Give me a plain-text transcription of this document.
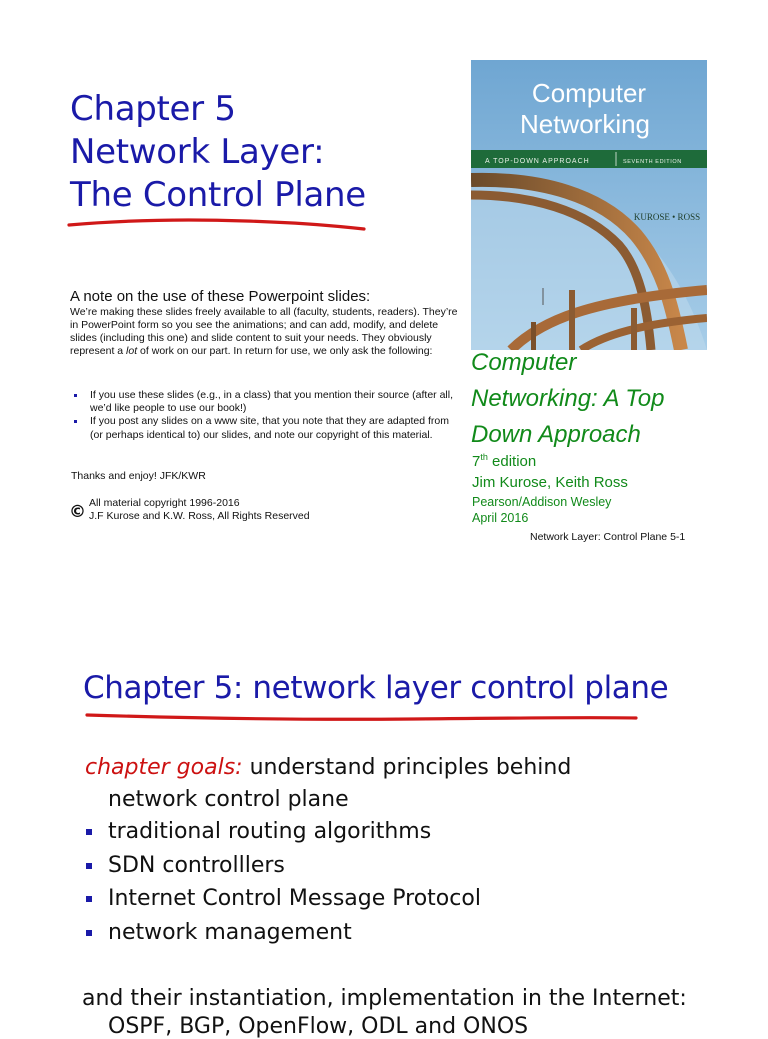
Chapter 5
Network Layer:
The Control Plane
A note on the use of these Powerpoint slides:
We’re making these slides freely available to all (faculty, students, readers). They’re in PowerPoint form so you see the animations; and can add, modify, and delete slides (including this one) and slide content to suit your needs. They obviously represent a lot of work on our part. In return for use, we only ask the following:
If you use these slides (e.g., in a class) that you mention their source (after all, we’d like people to use our book!)
If you post any slides on a www site, that you note that they are adapted from (or perhaps identical to) our slides, and note our copyright of this material.
Thanks and enjoy! JFK/KWR
© All material copyright 1996-2016
J.F Kurose and K.W. Ross, All Rights Reserved
Computer
Networking
A TOP-DOWN APPROACH	SEVENTH EDITION
KUROSE • ROSS
Computer
Networking: A Top
Down Approach
7th edition
Jim Kurose, Keith Ross
Pearson/Addison Wesley
April 2016
Network Layer: Control Plane 5-1
Chapter 5: network layer control plane
chapter goals: understand principles behind
network control plane
traditional routing algorithms
SDN controlllers
Internet Control Message Protocol
network management
and their instantiation, implementation in the Internet:
OSPF, BGP, OpenFlow, ODL and ONOS
